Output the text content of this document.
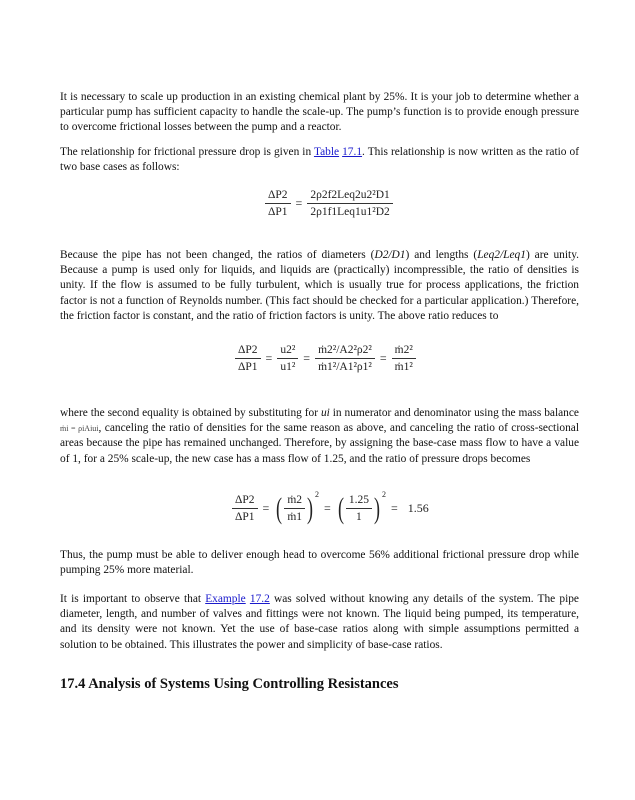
It is necessary to scale up production in an existing chemical plant by 25%. It is your job to determine whether a particular pump has sufficient capacity to handle the scale-up. The pump’s function is to provide enough pressure to overcome frictional losses between the pump and a reactor.

The relationship for frictional pressure drop is given in Table 17.1. This relationship is now written as the ratio of two base cases as follows:

$\frac{\Delta P2}{\Delta P1} = \frac{\text{2ρ2f2Leq2u2²D1}}{\text{2ρ1f1Leq1u1²D2}}$

Because the pipe has not been changed, the ratios of diameters (D2/D1) and lengths (Leq2/Leq1) are unity. Because a pump is used only for liquids, and liquids are (practically) incompressible, the ratio of densities is unity. If the flow is assumed to be fully turbulent, which is usually true for process applications, the friction factor is not a function of Reynolds number. (This fact should be checked for a particular application.) Therefore, the friction factor is constant, and the ratio of friction factors is unity. The above ratio reduces to

$\frac{\Delta P2}{\Delta P1} = \frac{\text{u2²}}{\text{u1²}} = \frac{\text{ṁ2²/A2²ρ2²}}{\text{ṁ1²/A1²ρ1²}} = \frac{\text{ṁ2²}}{\text{ṁ1²}}$

where the second equality is obtained by substituting for ui in numerator and denominator using the mass balance ṁi = ρiAiui, canceling the ratio of densities for the same reason as above, and canceling the ratio of cross-sectional areas because the pipe has remained unchanged. Therefore, by assigning the base-case mass flow to have a value of 1, for a 25% scale-up, the new case has a mass flow of 1.25, and the ratio of pressure drops becomes

$\frac{\Delta P2}{\Delta P1}$ = ( $\frac{\text{ṁ2}}{\text{ṁ1}}$ ) 2= ( $\frac{1.25}{1}$ ) 2= 1.56

Thus, the pump must be able to deliver enough head to overcome 56% additional frictional pressure drop while pumping 25% more material.

It is important to observe that Example 17.2 was solved without knowing any details of the system. The pipe diameter, length, and number of valves and fittings were not known. The liquid being pumped, its temperature, and its density were not known. Yet the use of base-case ratios along with simple assumptions permitted a solution to be obtained. This illustrates the power and simplicity of base-case ratios.

17.4 Analysis of Systems Using Controlling Resistances
